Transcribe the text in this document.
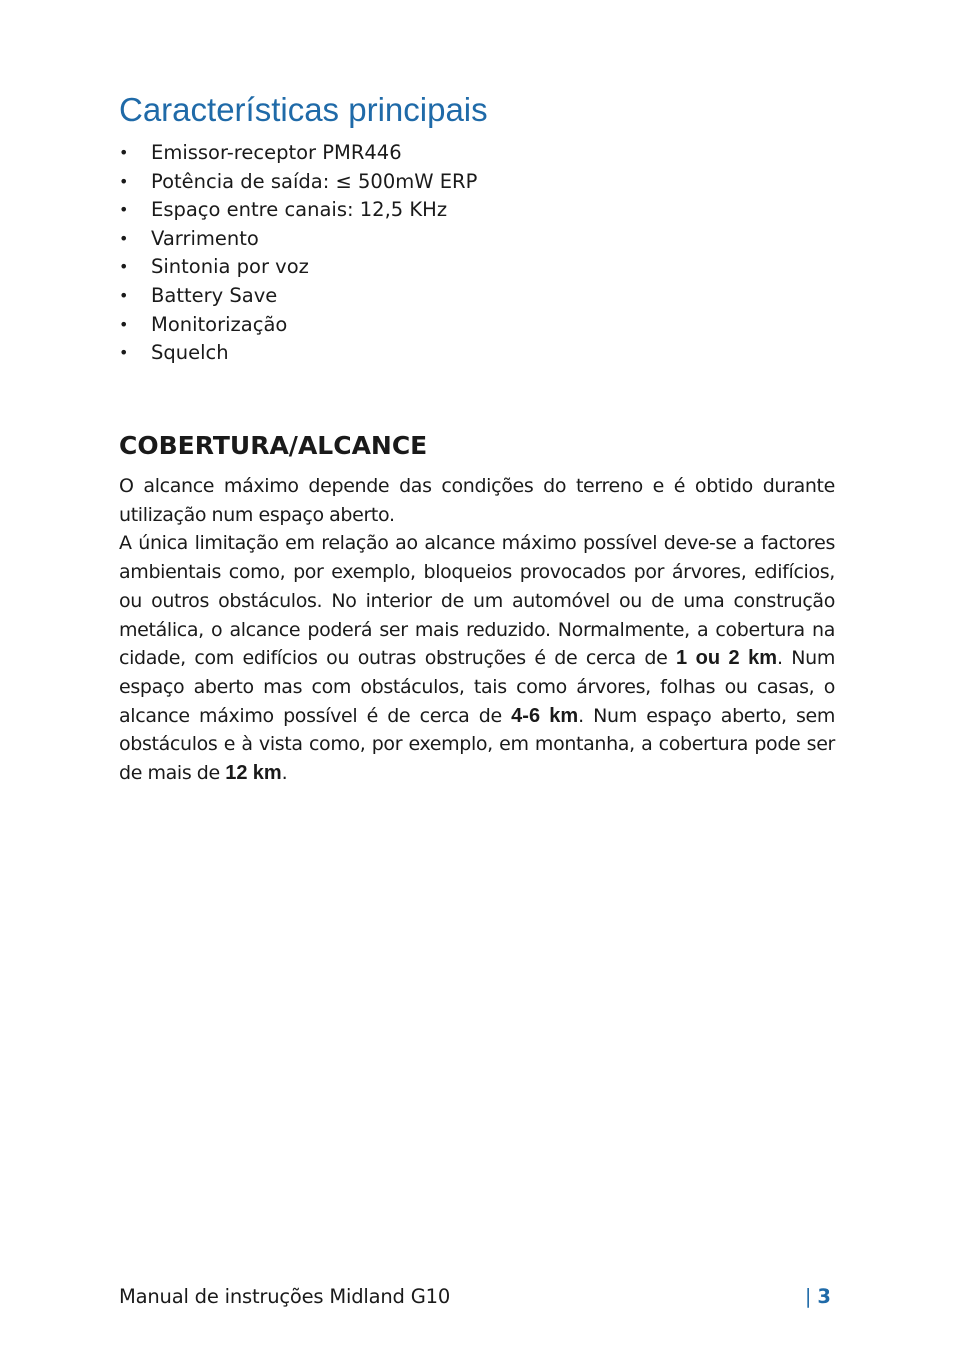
Características principais
• Emissor-receptor PMR446
• Potência de saída: ≤ 500mW ERP
• Espaço entre canais: 12,5 KHz
• Varrimento
• Sintonia por voz
• Battery Save
• Monitorização
• Squelch
COBERTURA/ALCANCE

O alcance máximo depende das condições do terreno e é obtido durante utilização num espaço aberto.

A única limitação em relação ao alcance máximo possível deve-se a factores ambientais como, por exemplo, bloqueios provocados por árvores, edifícios, ou outros obstáculos. No interior de um automóvel ou de uma construção metálica, o alcance poderá ser mais reduzido. Normalmente, a cobertura na cidade, com edifícios ou outras obstruções é de cerca de 1 ou 2 km. Num espaço aberto mas com obstáculos, tais como árvores, folhas ou casas, o alcance máximo possível é de cerca de 4-6 km. Num espaço aberto, sem obstáculos e à vista como, por exemplo, em montanha, a cobertura pode ser de mais de 12 km.

Manual de instruções Midland G10	| 3
